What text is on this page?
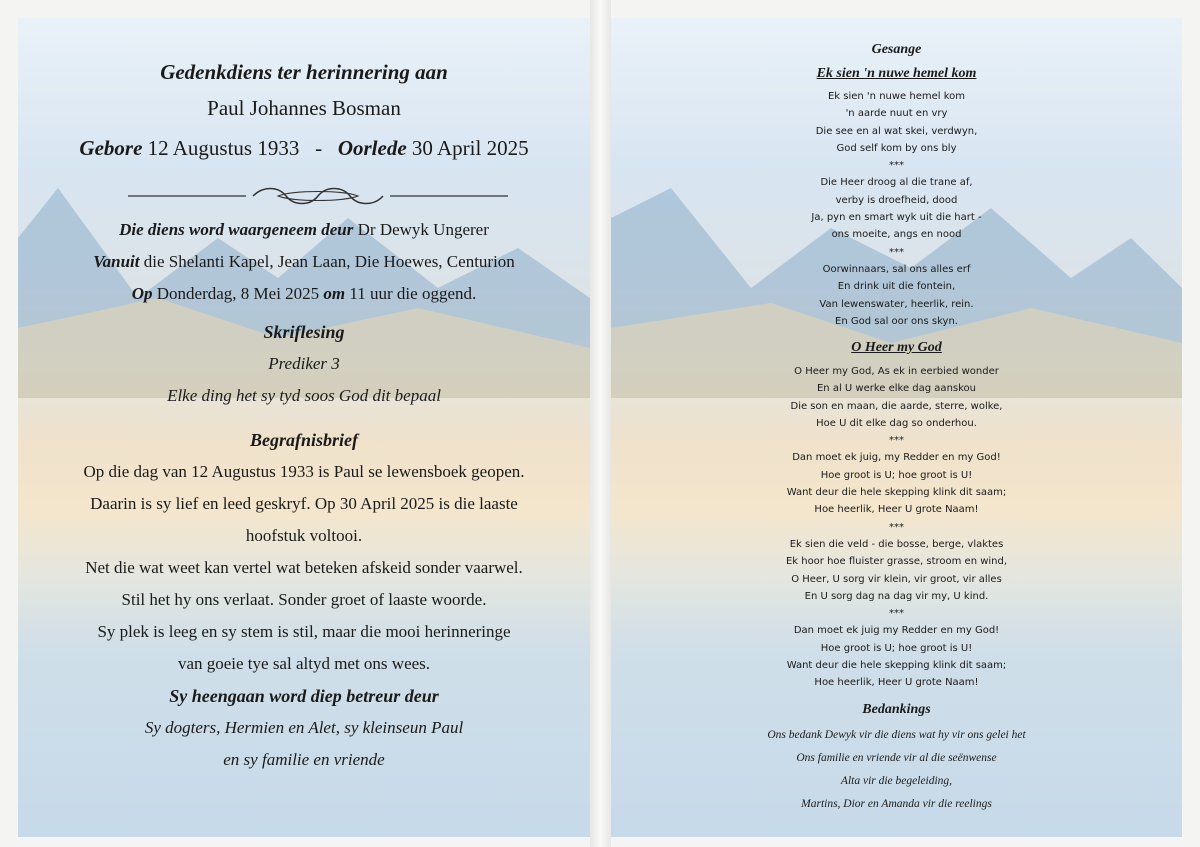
Gedenkdiens ter herinnering aan

Paul Johannes Bosman

Gebore 12 Augustus 1933 - Oorlede 30 April 2025

Die diens word waargeneem deur Dr Dewyk Ungerer
Vanuit die Shelanti Kapel, Jean Laan, Die Hoewes, Centurion
Op Donderdag, 8 Mei 2025 om 11 uur die oggend.

Skriflesing

Prediker 3

Elke ding het sy tyd soos God dit bepaal

Begrafnisbrief

Op die dag van 12 Augustus 1933 is Paul se lewensboek geopen.
Daarin is sy lief en leed geskryf. Op 30 April 2025 is die laaste
hoofstuk voltooi.
Net die wat weet kan vertel wat beteken afskeid sonder vaarwel.
Stil het hy ons verlaat. Sonder groet of laaste woorde.
Sy plek is leeg en sy stem is stil, maar die mooi herinneringe
van goeie tye sal altyd met ons wees.

Sy heengaan word diep betreur deur

Sy dogters, Hermien en Alet, sy kleinseun Paul
en sy familie en vriende

Gesange

Ek sien 'n nuwe hemel kom

Ek sien 'n nuwe hemel kom
'n aarde nuut en vry
Die see en al wat skei, verdwyn,
God self kom by ons bly
***
Die Heer droog al die trane af,
verby is droefheid, dood
Ja, pyn en smart wyk uit die hart -
ons moeite, angs en nood
***
Oorwinnaars, sal ons alles erf
En drink uit die fontein,
Van lewenswater, heerlik, rein.
En God sal oor ons skyn.

O Heer my God

O Heer my God, As ek in eerbied wonder
En al U werke elke dag aanskou
Die son en maan, die aarde, sterre, wolke,
Hoe U dit elke dag so onderhou.
***
Dan moet ek juig, my Redder en my God!
Hoe groot is U; hoe groot is U!
Want deur die hele skepping klink dit saam;
Hoe heerlik, Heer U grote Naam!
***
Ek sien die veld - die bosse, berge, vlaktes
Ek hoor hoe fluister grasse, stroom en wind,
O Heer, U sorg vir klein, vir groot, vir alles
En U sorg dag na dag vir my, U kind.
***
Dan moet ek juig my Redder en my God!
Hoe groot is U; hoe groot is U!
Want deur die hele skepping klink dit saam;
Hoe heerlik, Heer U grote Naam!

Bedankings

Ons bedank Dewyk vir die diens wat hy vir ons gelei het
Ons familie en vriende vir al die seënwense
Alta vir die begeleiding,
Martins, Dior en Amanda vir die reelings
